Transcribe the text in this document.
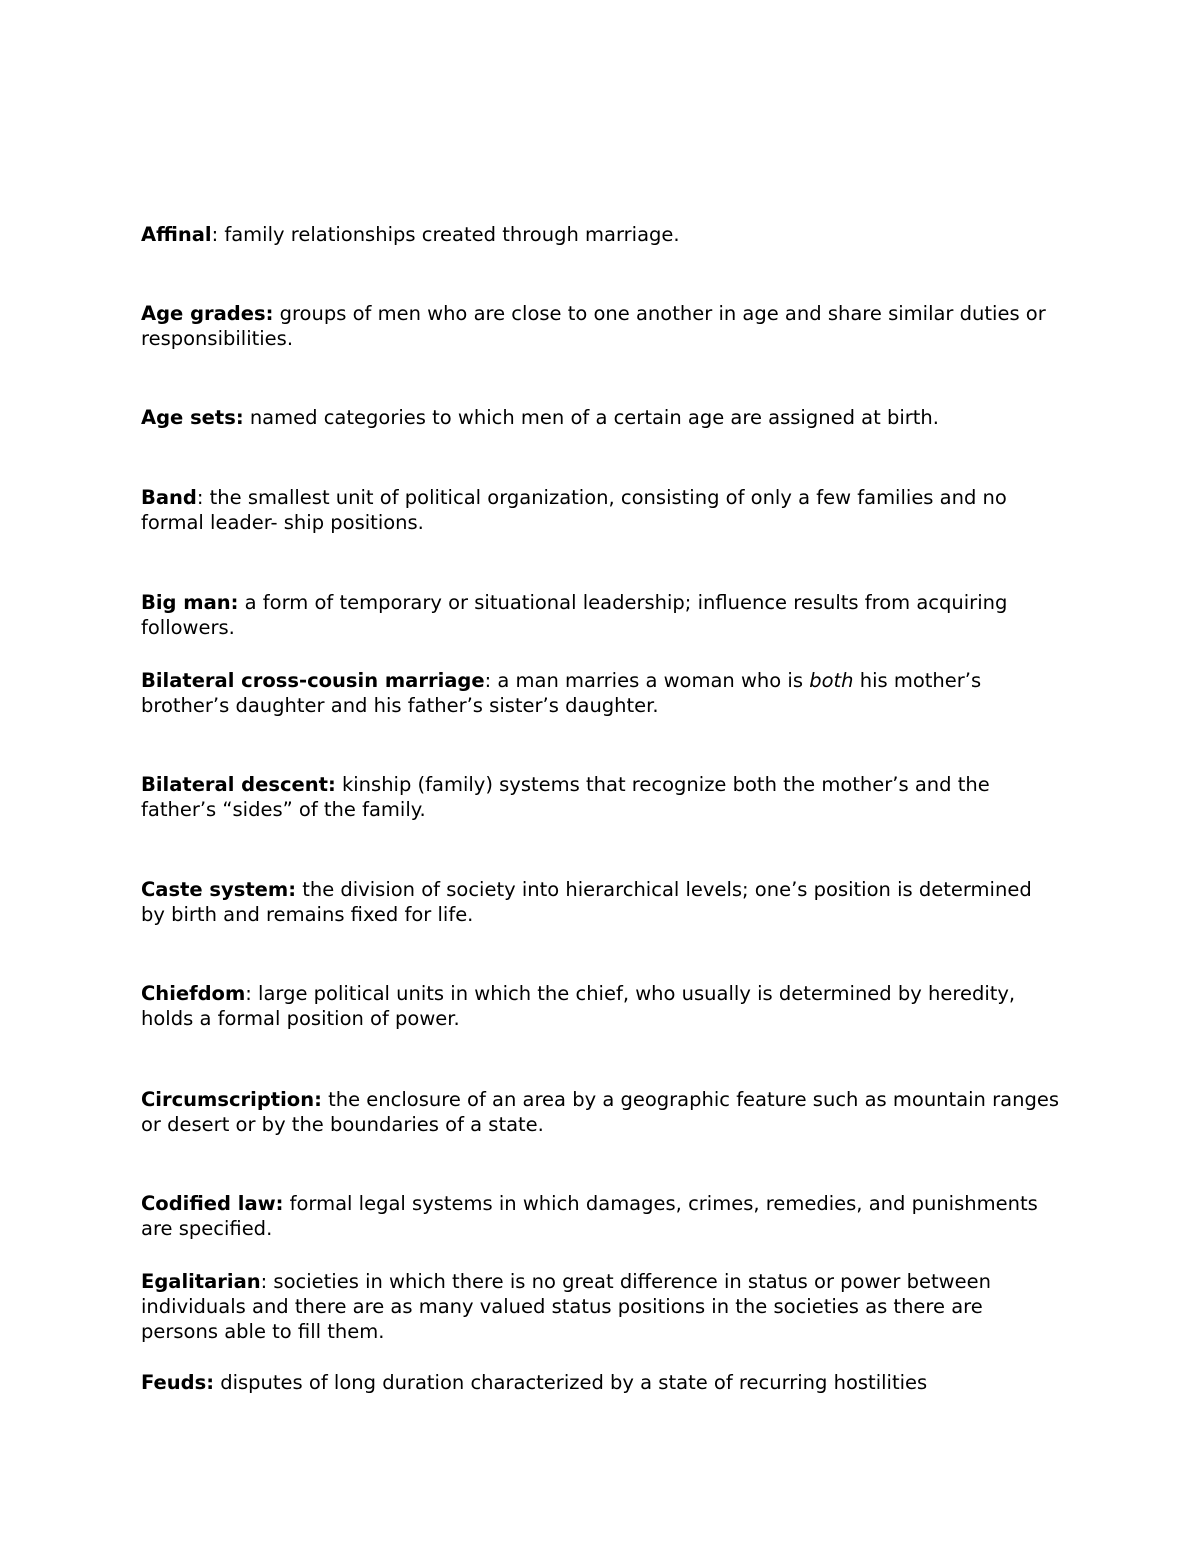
Affinal: family relationships created through marriage.

Age grades: groups of men who are close to one another in age and share similar duties or responsibilities.

Age sets: named categories to which men of a certain age are assigned at birth.

Band: the smallest unit of political organization, consisting of only a few families and no formal leader- ship positions.

Big man: a form of temporary or situational leadership; influence results from acquiring followers.

Bilateral cross-cousin marriage: a man marries a woman who is both his mother’s brother’s daughter and his father’s sister’s daughter.

Bilateral descent: kinship (family) systems that recognize both the mother’s and the father’s “sides” of the family.

Caste system: the division of society into hierarchical levels; one’s position is determined by birth and remains fixed for life.

Chiefdom: large political units in which the chief, who usually is determined by heredity, holds a formal position of power.

Circumscription: the enclosure of an area by a geographic feature such as mountain ranges or desert or by the boundaries of a state.

Codified law: formal legal systems in which damages, crimes, remedies, and punishments are specified.

Egalitarian: societies in which there is no great difference in status or power between individuals and there are as many valued status positions in the societies as there are persons able to fill them.

Feuds: disputes of long duration characterized by a state of recurring hostilities
